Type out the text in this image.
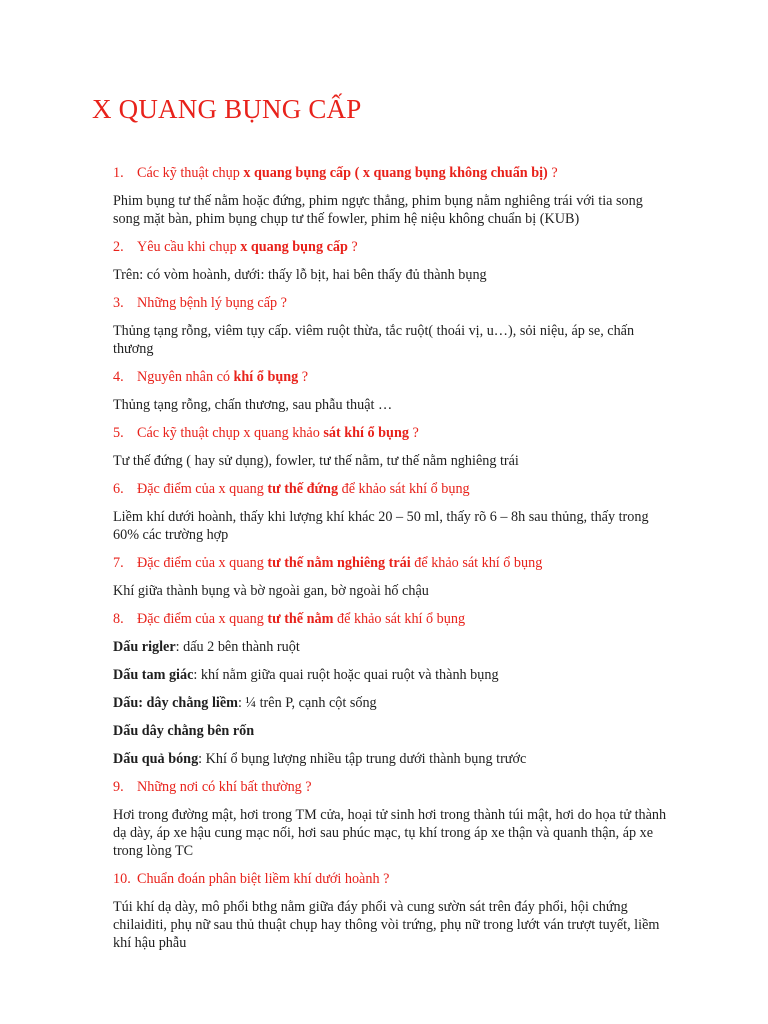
X QUANG BỤNG CẤP

1. Các kỹ thuật chụp x quang bụng cấp ( x quang bụng không chuẩn bị) ?

Phim bụng tư thế nằm hoặc đứng, phim ngực thẳng, phim bụng nằm nghiêng trái với tia song song mặt bàn, phim bụng chụp tư thế fowler, phim hệ niệu không chuẩn bị (KUB)

2. Yêu cầu khi chụp x quang bụng cấp ?

Trên: có vòm hoành, dưới: thấy lỗ bịt, hai bên thấy đủ thành bụng

3. Những bệnh lý bụng cấp ?

Thủng tạng rỗng, viêm tụy cấp. viêm ruột thừa, tắc ruột( thoái vị, u…), sỏi niệu, áp se, chấn thương

4. Nguyên nhân có khí ổ bụng ?

Thủng tạng rỗng, chấn thương, sau phẫu thuật …

5. Các kỹ thuật chụp x quang khảo sát khí ổ bụng ?

Tư thế đứng ( hay sử dụng), fowler, tư thế nằm, tư thế nằm nghiêng trái

6. Đặc điểm của x quang tư thế đứng để khảo sát khí ổ bụng

Liềm khí dưới hoành, thấy khi lượng khí khác 20 – 50 ml, thấy rõ 6 – 8h sau thủng, thấy trong 60% các trường hợp

7. Đặc điểm của x quang tư thế nằm nghiêng trái để khảo sát khí ổ bụng

Khí giữa thành bụng và bờ ngoài gan, bờ ngoài hố chậu

8. Đặc điểm của x quang tư thế nằm để khảo sát khí ổ bụng

Dấu rigler: dấu 2 bên thành ruột

Dấu tam giác: khí nằm giữa quai ruột hoặc quai ruột và thành bụng

Dấu: dây chằng liềm: ¼ trên P, cạnh cột sống

Dấu dây chằng bên rốn

Dấu quả bóng: Khí ổ bụng lượng nhiều tập trung dưới thành bụng trước

9. Những nơi có khí bất thường ?

Hơi trong đường mật, hơi trong TM cửa, hoại tử sinh hơi trong thành túi mật, hơi do họa tử thành dạ dày, áp xe hậu cung mạc nối, hơi sau phúc mạc, tụ khí trong áp xe thận và quanh thận, áp xe trong lòng TC

10. Chuẩn đoán phân biệt liềm khí dưới hoành ?

Túi khí dạ dày, mô phổi bthg nằm giữa đáy phổi và cung sườn sát trên đáy phổi, hội chứng chilaiditi, phụ nữ sau thủ thuật chụp hay thông vòi trứng, phụ nữ trong lướt ván trượt tuyết, liềm khí hậu phẫu
